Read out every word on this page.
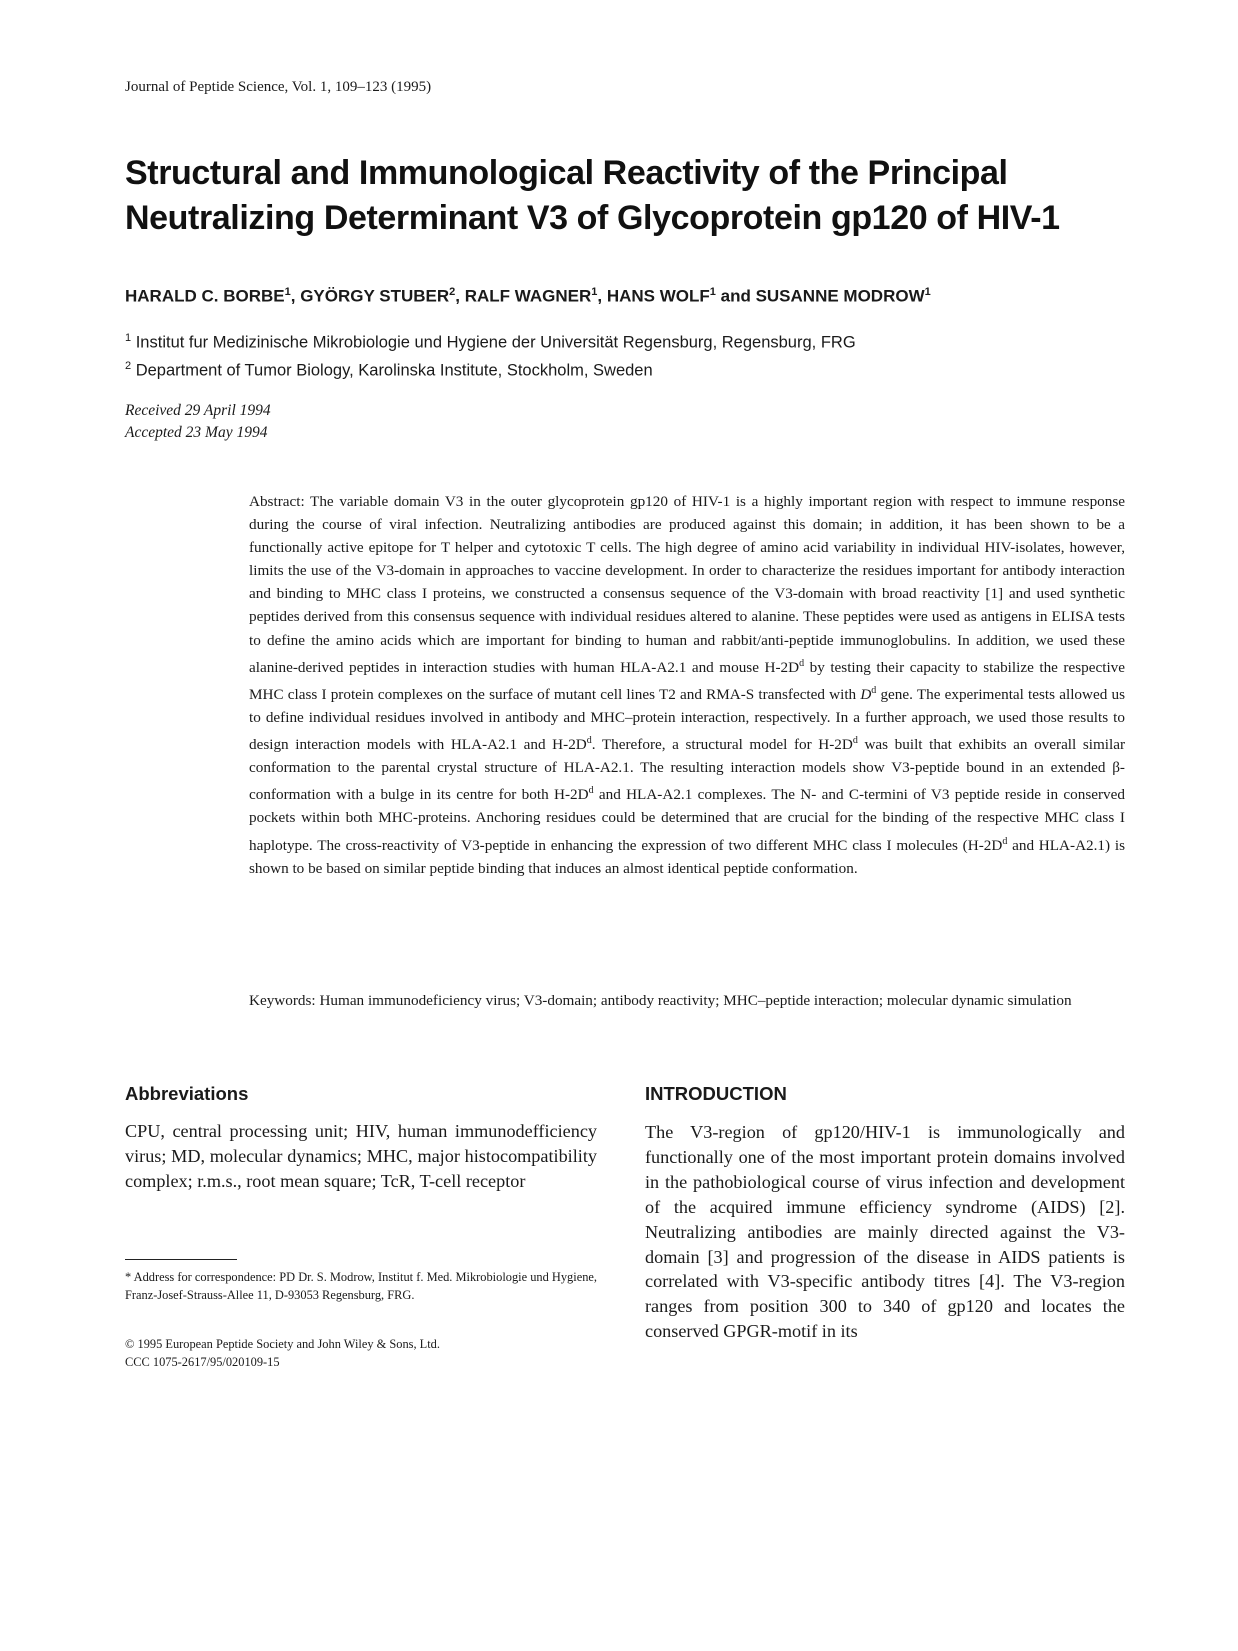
Journal of Peptide Science, Vol. 1, 109–123 (1995)
Structural and Immunological Reactivity of the Principal
Neutralizing Determinant V3 of Glycoprotein gp120 of HIV-1
HARALD C. BORBE$^1$, GYÖRGY STUBER$^2$, RALF WAGNER$^1$, HANS WOLF$^1$ and SUSANNE MODROW$^1$
$^1$ Institut fur Medizinische Mikrobiologie und Hygiene der Universität Regensburg, Regensburg, FRG
$^2$ Department of Tumor Biology, Karolinska Institute, Stockholm, Sweden
Received 29 April 1994
Accepted 23 May 1994
Abstract: The variable domain V3 in the outer glycoprotein gp120 of HIV-1 is a highly important region with respect to immune response during the course of viral infection. Neutralizing antibodies are produced against this domain; in addition, it has been shown to be a functionally active epitope for T helper and cytotoxic T cells. The high degree of amino acid variability in individual HIV-isolates, however, limits the use of the V3-domain in approaches to vaccine development. In order to characterize the residues important for antibody interaction and binding to MHC class I proteins, we constructed a consensus sequence of the V3-domain with broad reactivity [1] and used synthetic peptides derived from this consensus sequence with individual residues altered to alanine. These peptides were used as antigens in ELISA tests to define the amino acids which are important for binding to human and rabbit/anti-peptide immunoglobulins. In addition, we used these alanine-derived peptides in interaction studies with human HLA-A2.1 and mouse $H-2D^d$ by testing their capacity to stabilize the respective MHC class I protein complexes on the surface of mutant cell lines T2 and RMA-S transfected with $D^d$ gene. The experimental tests allowed us to define individual residues involved in antibody and MHC–protein interaction, respectively. In a further approach, we used those results to design interaction models with HLA-A2.1 and $H-2D^d$. Therefore, a structural model for $H-2D^d$ was built that exhibits an overall similar conformation to the parental crystal structure of HLA-A2.1. The resulting interaction models show V3-peptide bound in an extended β-conformation with a bulge in its centre for both $H-2D^d$ and HLA-A2.1 complexes. The N- and C-termini of V3 peptide reside in conserved pockets within both MHC-proteins. Anchoring residues could be determined that are crucial for the binding of the respective MHC class I haplotype. The cross-reactivity of V3-peptide in enhancing the expression of two different MHC class I molecules ($H-2D^d$ and HLA-A2.1) is shown to be based on similar peptide binding that induces an almost identical peptide conformation.
Keywords: Human immunodeficiency virus; V3-domain; antibody reactivity; MHC–peptide interaction; molecular dynamic simulation
Abbreviations
CPU, central processing unit; HIV, human immunodefficiency virus; MD, molecular dynamics; MHC, major histocompatibility complex; r.m.s., root mean square; TcR, T-cell receptor
* Address for correspondence: PD Dr. S. Modrow, Institut f. Med. Mikrobiologie und Hygiene, Franz-Josef-Strauss-Allee 11, D-93053 Regensburg, FRG.
© 1995 European Peptide Society and John Wiley & Sons, Ltd.
CCC 1075-2617/95/020109-15
INTRODUCTION
The V3-region of gp120/HIV-1 is immunologically and functionally one of the most important protein domains involved in the pathobiological course of virus infection and development of the acquired immune efficiency syndrome (AIDS) [2]. Neutralizing antibodies are mainly directed against the V3-domain [3] and progression of the disease in AIDS patients is correlated with V3-specific antibody titres [4]. The V3-region ranges from position 300 to 340 of gp120 and locates the conserved GPGR-motif in its
